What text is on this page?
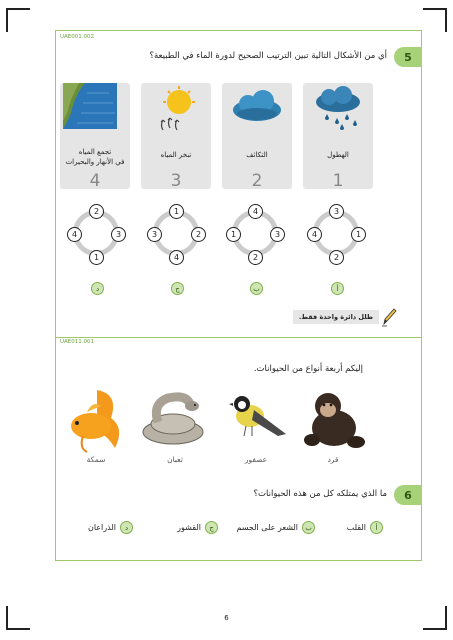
UAE001.002
5
أي من الأشكال التالية تبين الترتيب الصحيح لدورة الماء في الطبيعة؟
الهطول
1
التكاثف
2
تبخر المياه
3
تجمع المياه
في الأنهار والبحيرات
4
3
4	1
2
4
1	3
2
1
3	2
4
2
4	3
1
أ
ب
ج
د
ظلل دائرة واحدة فقط.
UAE011.001
إليكم أربعة أنواع من الحيوانات.
6
ما الذي يمتلكه كل من هذه الحيوانات؟
قرد
عصفور
ثعبان
سمكة
أ
القلب
ب
الشعر على الجسم
ج
القشور
د
الذراعان
6
